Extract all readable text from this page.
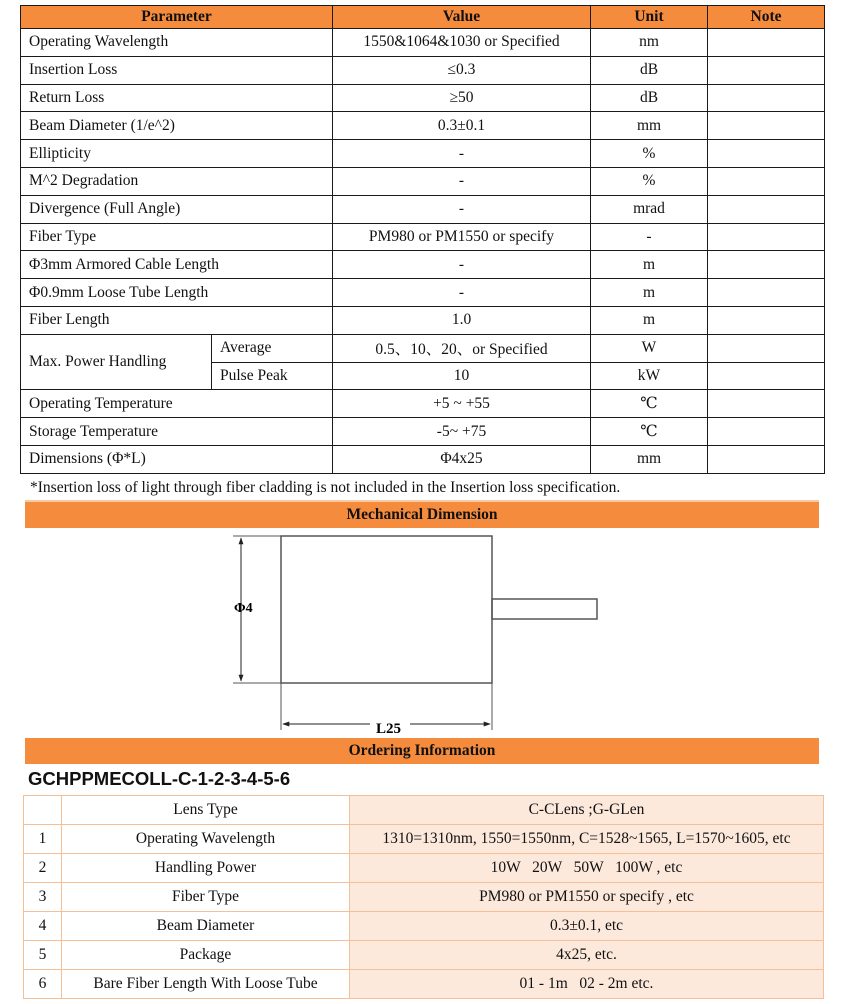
Parameter		Value	Unit	Note
Operating Wavelength		1550&1064&1030 or Specified	nm	
Insertion Loss		≤0.3	dB	
Return Loss		≥50	dB	
Beam Diameter (1/e^2)		0.3±0.1	mm	
Ellipticity		-	%	
M^2 Degradation		-	%	
Divergence (Full Angle)		-	mrad	
Fiber Type		PM980 or PM1550 or specify	-	
Φ3mm Armored Cable Length		-	m	
Φ0.9mm Loose Tube Length		-	m	
Fiber Length		1.0	m	
Max. Power Handling	Average	0.5、10、20、or Specified	W	
	Pulse Peak	10	kW	
Operating Temperature		+5 ~ +55	℃	
Storage Temperature		-5~ +75	℃	
Dimensions (Φ*L)		Φ4x25	mm	

*Insertion loss of light through fiber cladding is not included in the Insertion loss specification.

Mechanical Dimension
Φ4
L25
Ordering Information
GCHPPMECOLL-C-1-2-3-4-5-6
	Lens Type	C-CLens ;G-GLen
1	Operating Wavelength	1310=1310nm, 1550=1550nm, C=1528~1565, L=1570~1605, etc
2	Handling Power	10W   20W   50W   100W , etc
3	Fiber Type	PM980 or PM1550 or specify , etc
4	Beam Diameter	0.3±0.1, etc
5	Package	4x25, etc.
6	Bare Fiber Length With Loose Tube	01 - 1m   02 - 2m etc.
